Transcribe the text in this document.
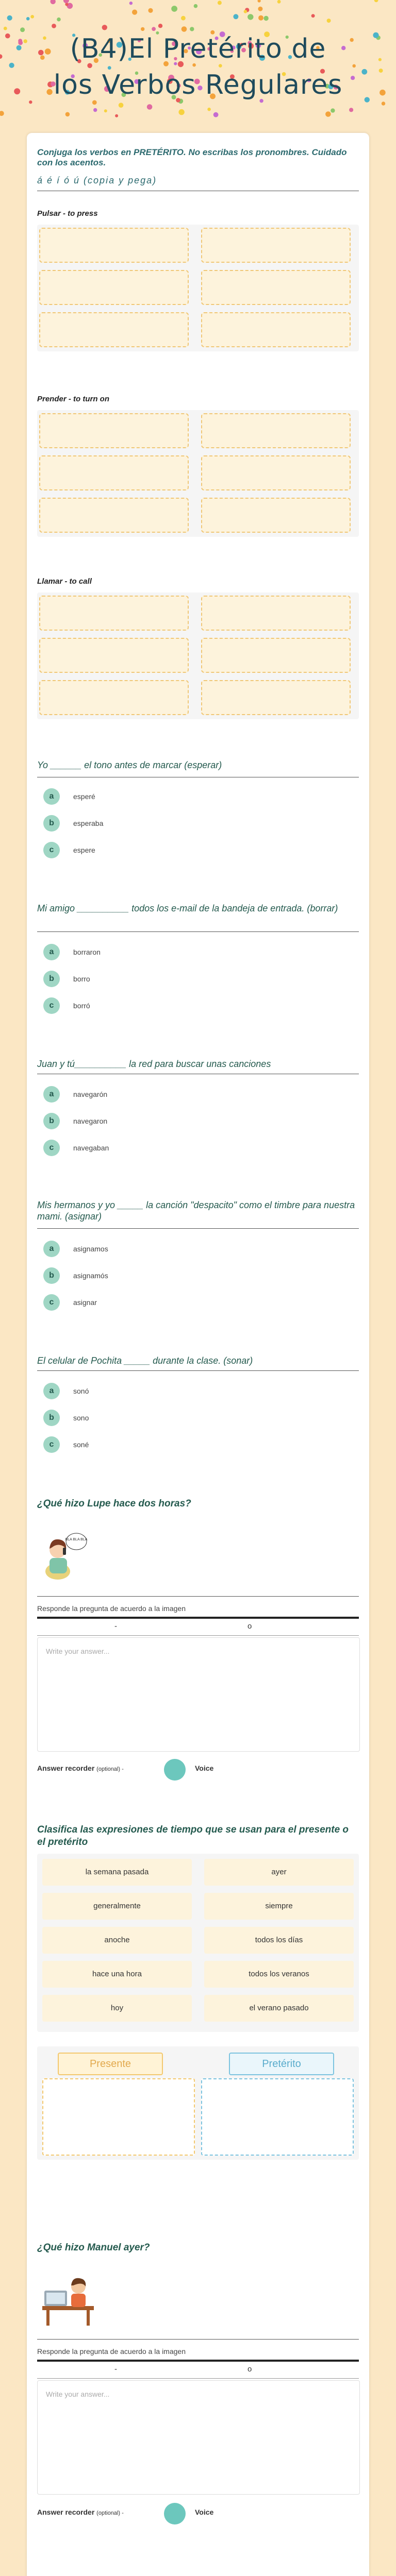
(B4)El Pretérito de
los Verbos Regulares
Conjuga los verbos en PRETÉRITO. No escribas los pronombres. Cuidado con los acentos.
á é í ó ú (copia y pega)
Pulsar - to press
Prender - to turn on
Llamar - to call
Yo ______ el tono antes de marcar (esperar)
a	esperé
b	esperaba
c	espere
Mi amigo __________ todos los e-mail de la bandeja de entrada. (borrar)
a	borraron
b	borro
c	borró
Juan y tú__________ la red para buscar unas canciones
a	navegarón
b	navegaron
c	navegaban
Mis hermanos y yo _____ la canción "despacito" como el timbre para nuestra mami. (asignar)
a	asignamos
b	asignamós
c	asignar
El celular de Pochita _____ durante la clase. (sonar)
a	sonó
b	sono
c	soné
¿Qué hizo Lupe hace dos horas?
BLA BLA BLA
Responde la pregunta de acuerdo a la imagen
-	o
Write your answer...
Answer recorder (optional) -	Voice
Clasifica las expresiones de tiempo que se usan para el presente o el pretérito
la semana pasada	ayer
generalmente	siempre
anoche	todos los días
hace una hora	todos los veranos
hoy	el verano pasado
Presente	Pretérito
¿Qué hizo Manuel ayer?
Responde la pregunta de acuerdo a la imagen
-	o
Write your answer...
Answer recorder (optional) -	Voice
